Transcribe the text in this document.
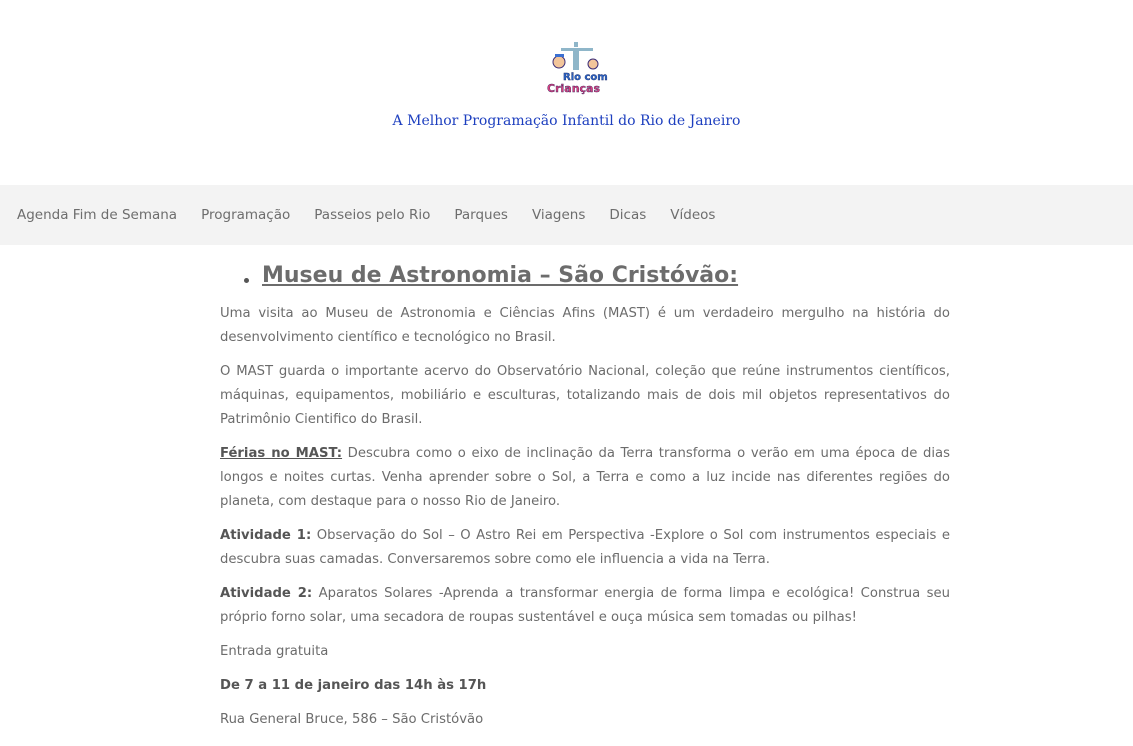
Rio com
Crianças
A Melhor Programação Infantil do Rio de Janeiro
Agenda Fim de Semana Programação Passeios pelo Rio Parques Viagens Dicas Vídeos
Museu de Astronomia – São Cristóvão:

Uma visita ao Museu de Astronomia e Ciências Afins (MAST) é um verdadeiro mergulho na história do desenvolvimento científico e tecnológico no Brasil.

O MAST guarda o importante acervo do Observatório Nacional, coleção que reúne instrumentos científicos, máquinas, equipamentos, mobiliário e esculturas, totalizando mais de dois mil objetos representativos do Patrimônio Cientifico do Brasil.

Férias no MAST: Descubra como o eixo de inclinação da Terra transforma o verão em uma época de dias longos e noites curtas. Venha aprender sobre o Sol, a Terra e como a luz incide nas diferentes regiões do planeta, com destaque para o nosso Rio de Janeiro.

Atividade 1: Observação do Sol – O Astro Rei em Perspectiva -Explore o Sol com instrumentos especiais e descubra suas camadas. Conversaremos sobre como ele influencia a vida na Terra.

Atividade 2: Aparatos Solares -Aprenda a transformar energia de forma limpa e ecológica! Construa seu próprio forno solar, uma secadora de roupas sustentável e ouça música sem tomadas ou pilhas!

Entrada gratuita

De 7 a 11 de janeiro das 14h às 17h

Rua General Bruce, 586 – São Cristóvão
